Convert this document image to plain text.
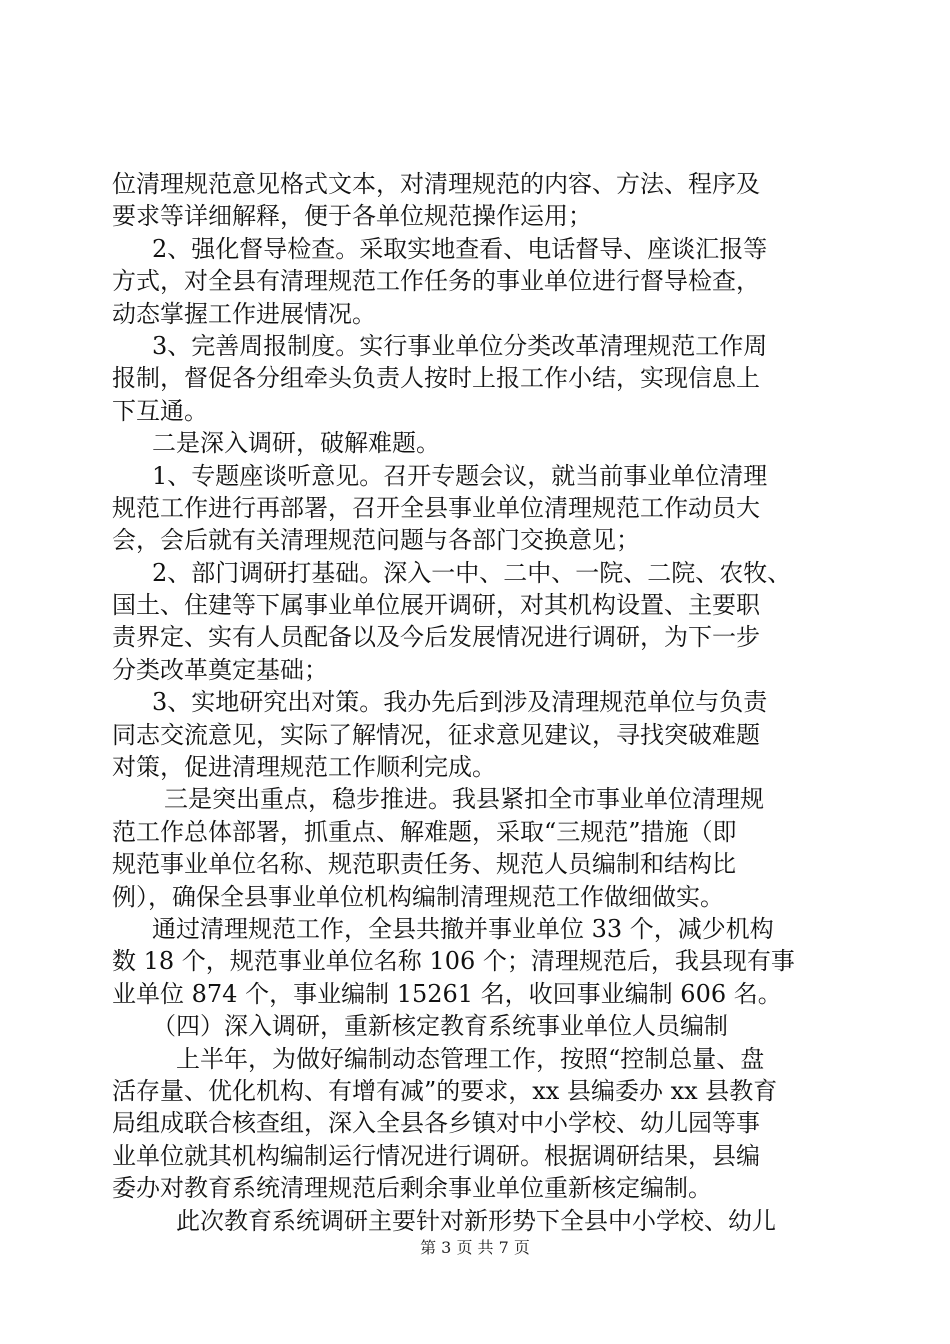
位清理规范意见格式文本，对清理规范的内容、方法、程序及
要求等详细解释，便于各单位规范操作运用；
2、强化督导检查。采取实地查看、电话督导、座谈汇报等
方式，对全县有清理规范工作任务的事业单位进行督导检查，
动态掌握工作进展情况。
3、完善周报制度。实行事业单位分类改革清理规范工作周
报制，督促各分组牵头负责人按时上报工作小结，实现信息上
下互通。
二是深入调研，破解难题。
1、专题座谈听意见。召开专题会议，就当前事业单位清理
规范工作进行再部署，召开全县事业单位清理规范工作动员大
会，会后就有关清理规范问题与各部门交换意见；
2、部门调研打基础。深入一中、二中、一院、二院、农牧、
国土、住建等下属事业单位展开调研，对其机构设置、主要职
责界定、实有人员配备以及今后发展情况进行调研，为下一步
分类改革奠定基础；
3、实地研究出对策。我办先后到涉及清理规范单位与负责
同志交流意见，实际了解情况，征求意见建议，寻找突破难题
对策，促进清理规范工作顺利完成。
三是突出重点，稳步推进。我县紧扣全市事业单位清理规
范工作总体部署，抓重点、解难题，采取“三规范”措施（即
规范事业单位名称、规范职责任务、规范人员编制和结构比
例），确保全县事业单位机构编制清理规范工作做细做实。
通过清理规范工作，全县共撤并事业单位 33 个，减少机构
数 18 个，规范事业单位名称 106 个；清理规范后，我县现有事
业单位 874 个，事业编制 15261 名，收回事业编制 606 名。
（四）深入调研，重新核定教育系统事业单位人员编制
上半年，为做好编制动态管理工作，按照“控制总量、盘
活存量、优化机构、有增有减”的要求，xx 县编委办 xx 县教育
局组成联合核查组，深入全县各乡镇对中小学校、幼儿园等事
业单位就其机构编制运行情况进行调研。根据调研结果，县编
委办对教育系统清理规范后剩余事业单位重新核定编制。
此次教育系统调研主要针对新形势下全县中小学校、幼儿
第 3 页 共 7 页
